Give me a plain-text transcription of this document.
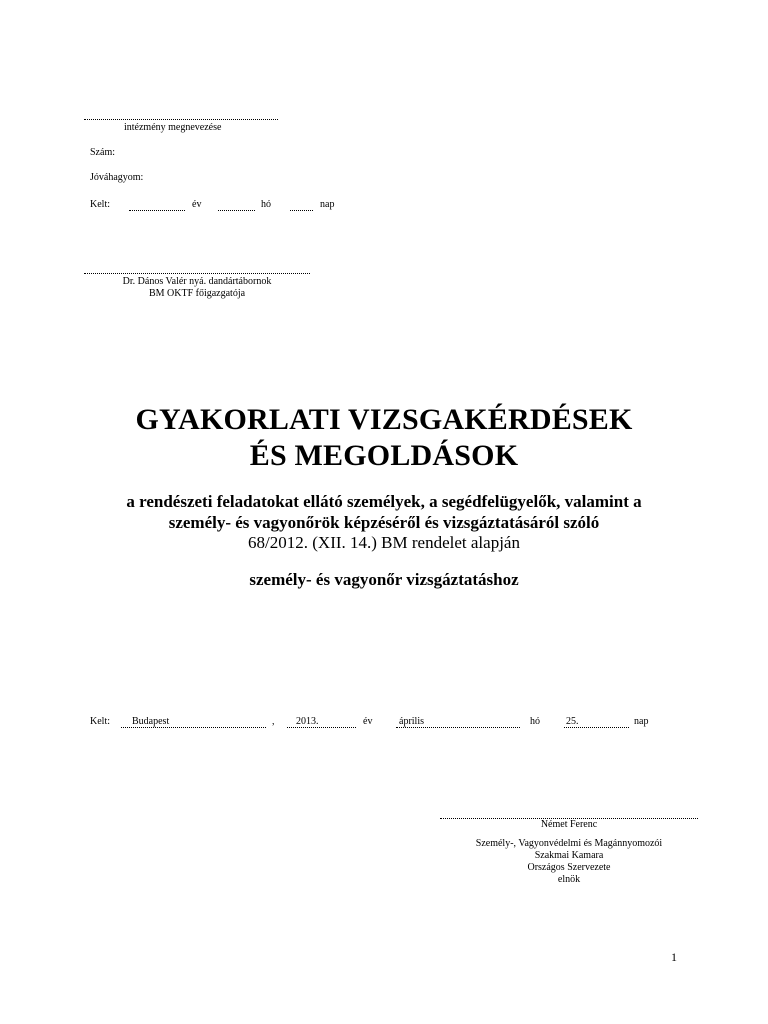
intézmény megnevezése
Szám:
Jóváhagyom:
Kelt:	év	hó	nap
Dr. Dános Valér nyá. dandártábornok
BM OKTF főigazgatója
GYAKORLATI VIZSGAKÉRDÉSEK
ÉS MEGOLDÁSOK
a rendészeti feladatokat ellátó személyek, a segédfelügyelők, valamint a
személy- és vagyonőrök képzéséről és vizsgáztatásáról szóló
68/2012. (XII. 14.) BM rendelet alapján
személy- és vagyonőr vizsgáztatáshoz
Kelt: Budapest	, 2013.	év	április	hó	25.	nap
Német Ferenc
Személy-, Vagyonvédelmi és Magánnyomozói
Szakmai Kamara
Országos Szervezete
elnök
1
